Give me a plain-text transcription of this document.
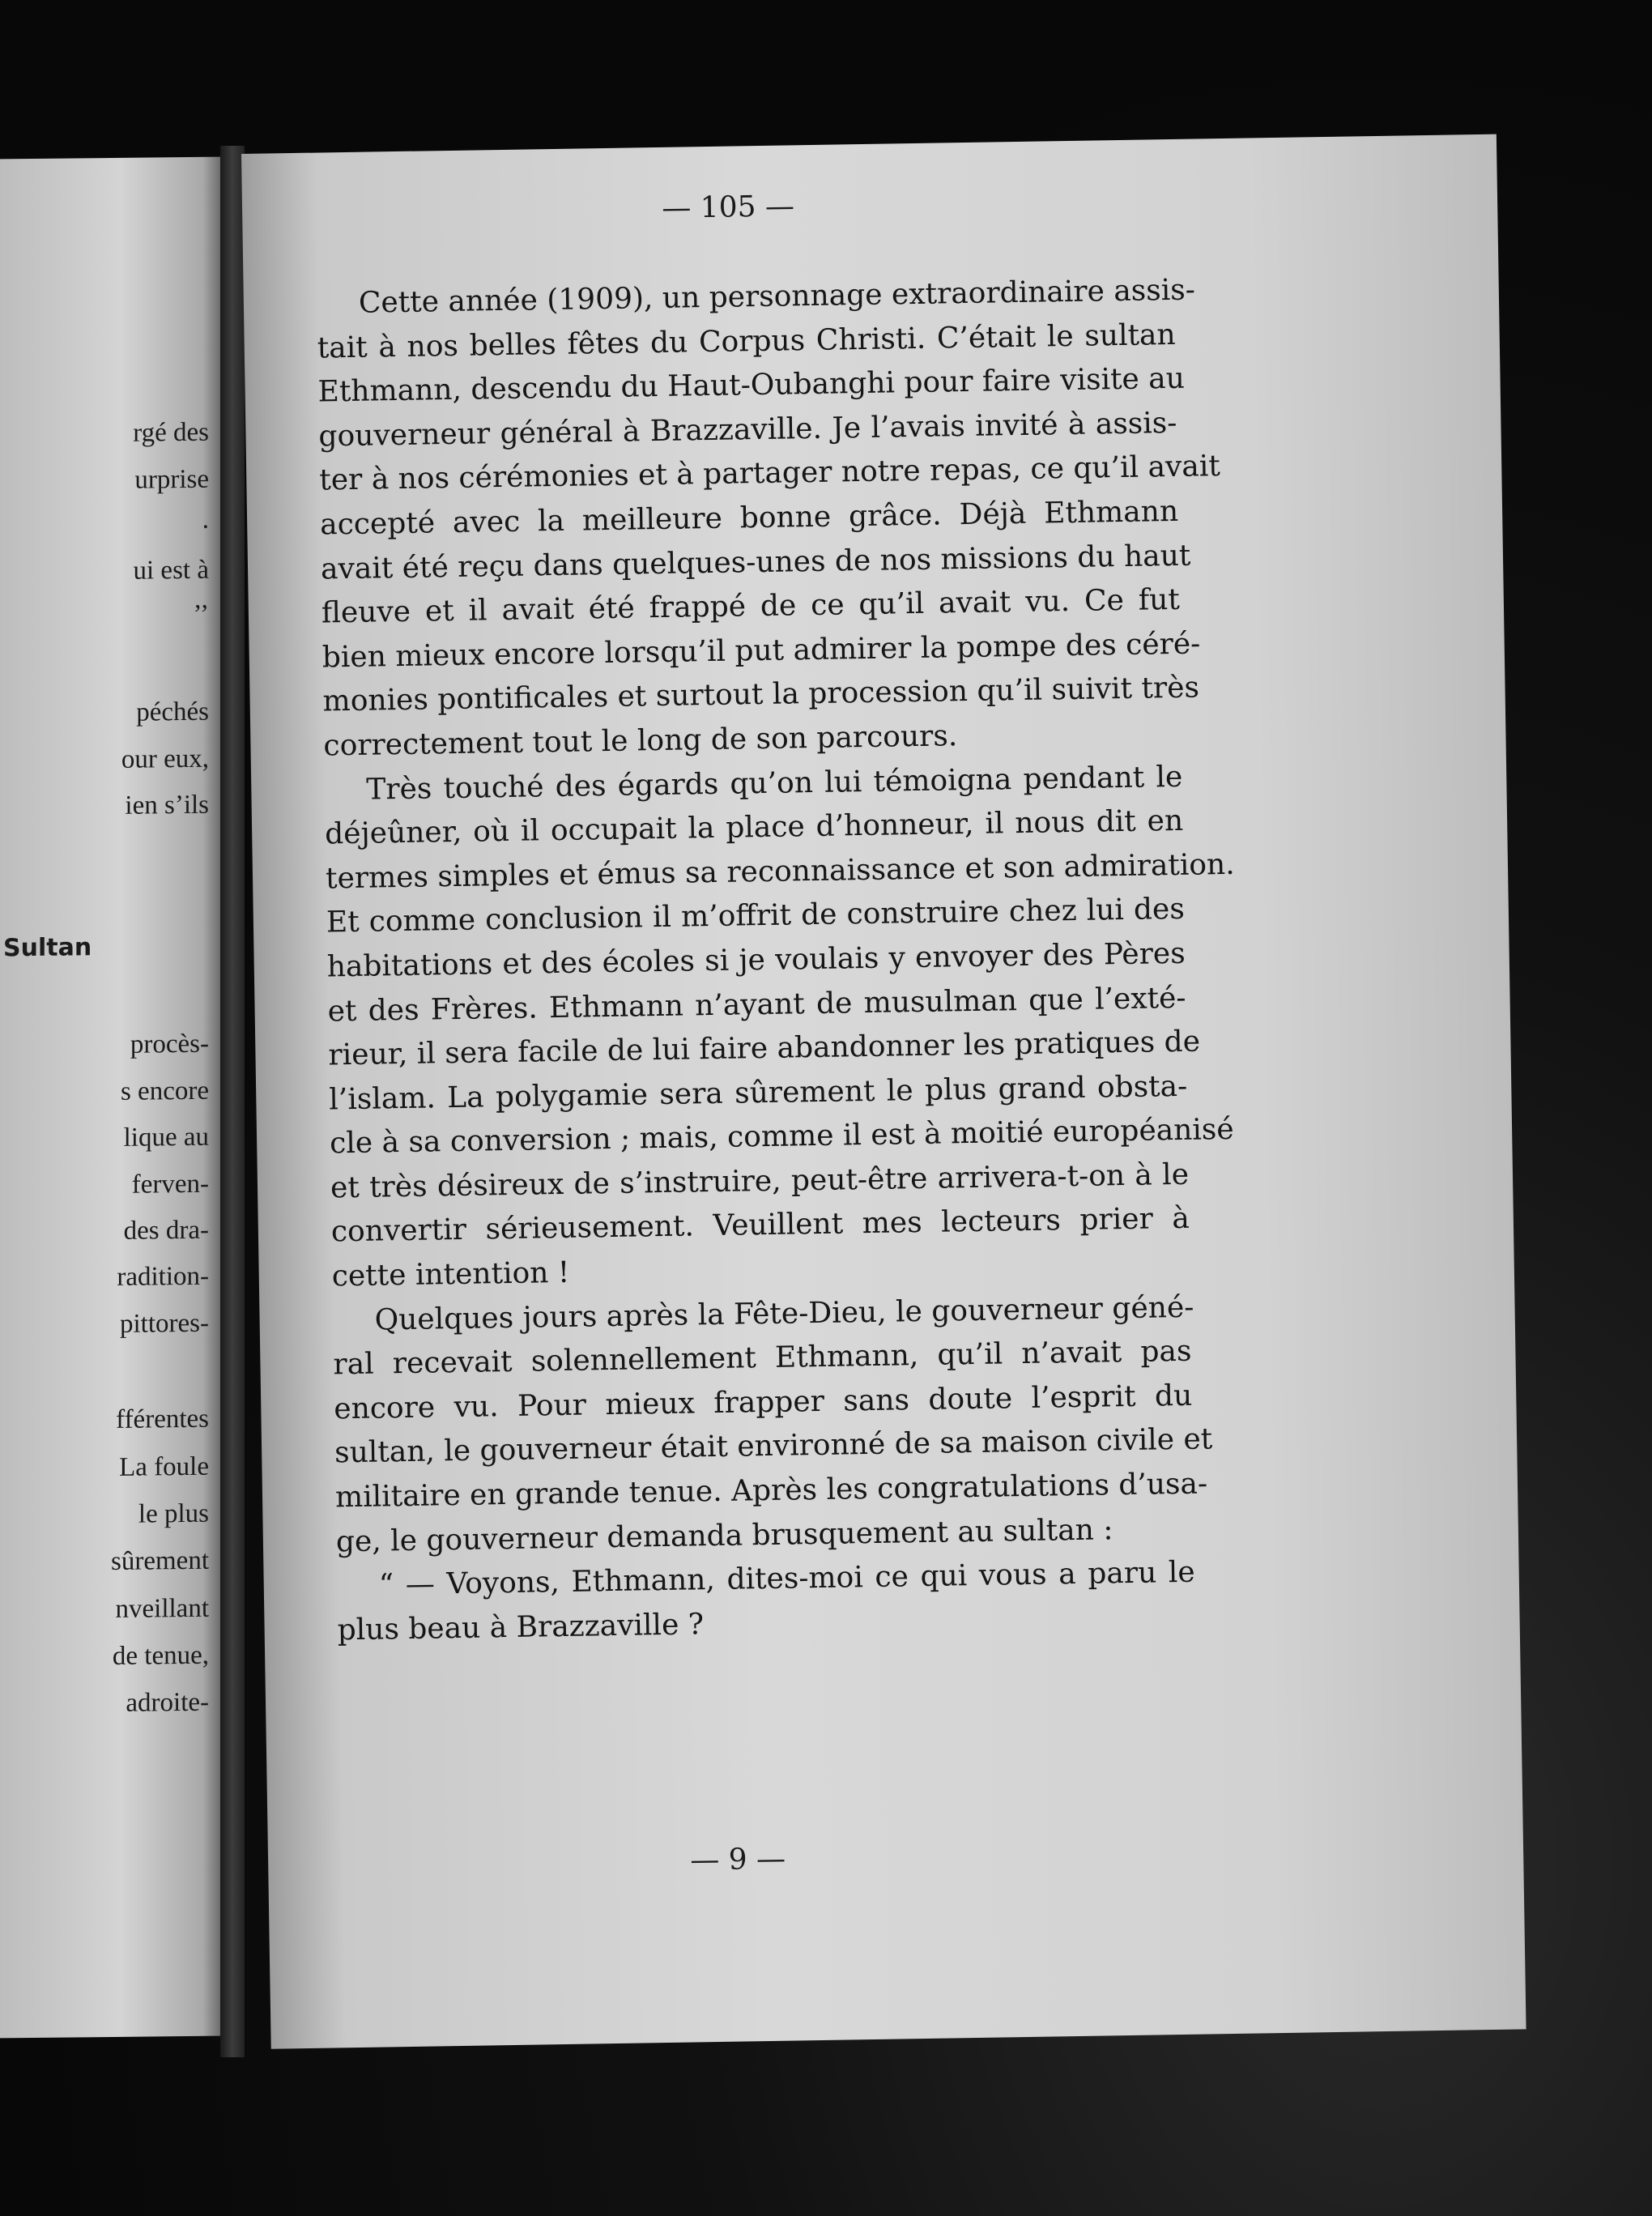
rgé des
urprise
.
ui est à
’’
péchés
our eux,
ien s’ils
Sultan
procès-
s encore
lique au
ferven-
des dra-
radition-
pittores-
fférentes
La foule
le plus
sûrement
nveillant
de tenue,
adroite-
— 105 —
Cette année (1909), un personnage extraordinaire assis-
tait à nos belles fêtes du Corpus Christi. C’était le sultan
Ethmann, descendu du Haut-Oubanghi pour faire visite au
gouverneur général à Brazzaville. Je l’avais invité à assis-
ter à nos cérémonies et à partager notre repas, ce qu’il avait
accepté avec la meilleure bonne grâce. Déjà Ethmann
avait été reçu dans quelques-unes de nos missions du haut
fleuve et il avait été frappé de ce qu’il avait vu. Ce fut
bien mieux encore lorsqu’il put admirer la pompe des céré-
monies pontificales et surtout la procession qu’il suivit très
correctement tout le long de son parcours.
Très touché des égards qu’on lui témoigna pendant le
déjeûner, où il occupait la place d’honneur, il nous dit en
termes simples et émus sa reconnaissance et son admiration.
Et comme conclusion il m’offrit de construire chez lui des
habitations et des écoles si je voulais y envoyer des Pères
et des Frères. Ethmann n’ayant de musulman que l’exté-
rieur, il sera facile de lui faire abandonner les pratiques de
l’islam. La polygamie sera sûrement le plus grand obsta-
cle à sa conversion ; mais, comme il est à moitié européanisé
et très désireux de s’instruire, peut-être arrivera-t-on à le
convertir sérieusement. Veuillent mes lecteurs prier à
cette intention !
Quelques jours après la Fête-Dieu, le gouverneur géné-
ral recevait solennellement Ethmann, qu’il n’avait pas
encore vu. Pour mieux frapper sans doute l’esprit du
sultan, le gouverneur était environné de sa maison civile et
militaire en grande tenue. Après les congratulations d’usa-
ge, le gouverneur demanda brusquement au sultan :
“ — Voyons, Ethmann, dites-moi ce qui vous a paru le
plus beau à Brazzaville ?
— 9 —
